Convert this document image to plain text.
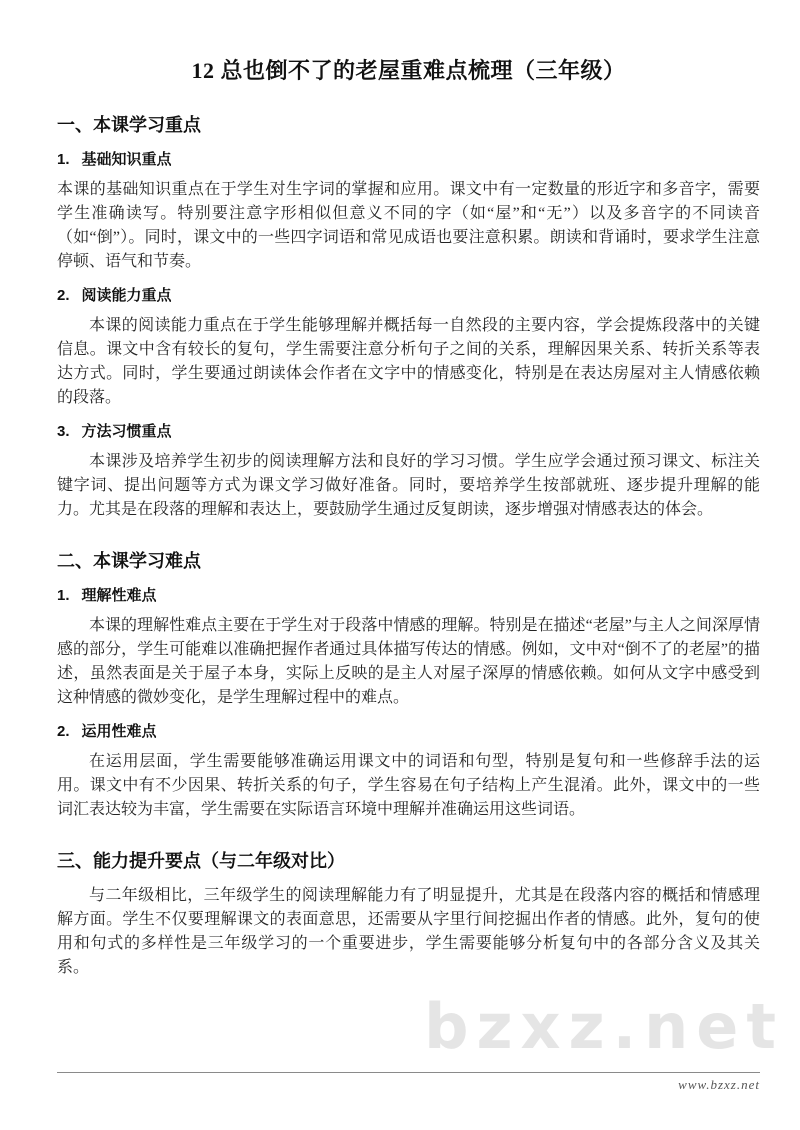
bzxz.net
12 总也倒不了的老屋重难点梳理（三年级）
一、本课学习重点
1. 基础知识重点

本课的基础知识重点在于学生对生字词的掌握和应用。课文中有一定数量的形近字和多音字，需要学生准确读写。特别要注意字形相似但意义不同的字（如“屋”和“无”）以及多音字的不同读音（如“倒”）。同时，课文中的一些四字词语和常见成语也要注意积累。朗读和背诵时，要求学生注意停顿、语气和节奏。

2. 阅读能力重点

本课的阅读能力重点在于学生能够理解并概括每一自然段的主要内容，学会提炼段落中的关键信息。课文中含有较长的复句，学生需要注意分析句子之间的关系，理解因果关系、转折关系等表达方式。同时，学生要通过朗读体会作者在文字中的情感变化，特别是在表达房屋对主人情感依赖的段落。

3. 方法习惯重点

本课涉及培养学生初步的阅读理解方法和良好的学习习惯。学生应学会通过预习课文、标注关键字词、提出问题等方式为课文学习做好准备。同时，要培养学生按部就班、逐步提升理解的能力。尤其是在段落的理解和表达上，要鼓励学生通过反复朗读，逐步增强对情感表达的体会。

二、本课学习难点
1. 理解性难点

本课的理解性难点主要在于学生对于段落中情感的理解。特别是在描述“老屋”与主人之间深厚情感的部分，学生可能难以准确把握作者通过具体描写传达的情感。例如，文中对“倒不了的老屋”的描述，虽然表面是关于屋子本身，实际上反映的是主人对屋子深厚的情感依赖。如何从文字中感受到这种情感的微妙变化，是学生理解过程中的难点。

2. 运用性难点

在运用层面，学生需要能够准确运用课文中的词语和句型，特别是复句和一些修辞手法的运用。课文中有不少因果、转折关系的句子，学生容易在句子结构上产生混淆。此外，课文中的一些词汇表达较为丰富，学生需要在实际语言环境中理解并准确运用这些词语。

三、能力提升要点（与二年级对比）

与二年级相比，三年级学生的阅读理解能力有了明显提升，尤其是在段落内容的概括和情感理解方面。学生不仅要理解课文的表面意思，还需要从字里行间挖掘出作者的情感。此外，复句的使用和句式的多样性是三年级学习的一个重要进步，学生需要能够分析复句中的各部分含义及其关系。

www.bzxz.net
